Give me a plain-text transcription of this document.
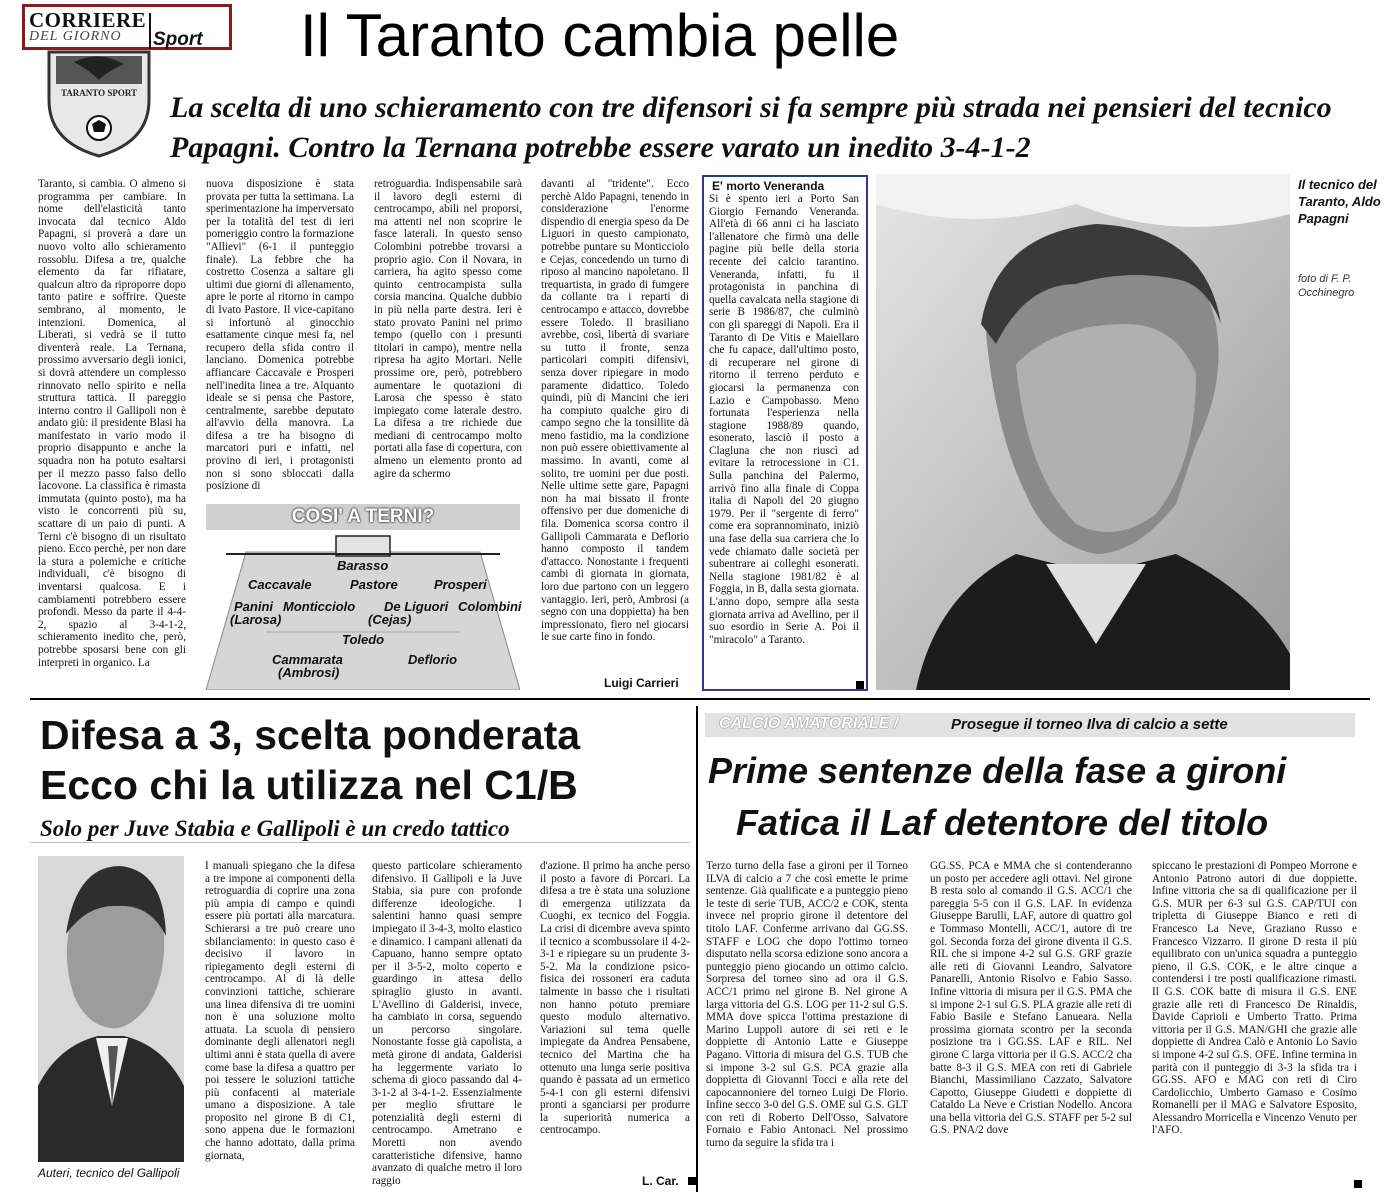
CORRIERE
DEL GIORNO Sport
TARANTO SPORT
Il Taranto cambia pelle
La scelta di uno schieramento con tre difensori si fa sempre più strada nei pensieri del tecnico Papagni. Contro la Ternana potrebbe essere varato un inedito 3-4-1-2
Taranto, si cambia. O almeno si programma per cambiare. In nome dell'elasticità tanto invocata dal tecnico Aldo Papagni, si proverà a dare un nuovo volto allo schieramento rossoblu. Difesa a tre, qualche elemento da far rifiatare, qualcun altro da riproporre dopo tanto patire e soffrire. Queste sembrano, al momento, le intenzioni. Domenica, al Liberati, si vedrà se il tutto diventerà reale. La Ternana, prossimo avversario degli ionici, si dovrà attendere un complesso rinnovato nello spirito e nella struttura tattica. Il pareggio interno contro il Gallipoli non è andato giù: il presidente Blasi ha manifestato in vario modo il proprio disappunto e anche la squadra non ha potuto esaltarsi per il mezzo passo falso dello Iacovone. La classifica è rimasta immutata (quinto posto), ma ha visto le concorrenti più su, scattare di un paio di punti. A Terni c'è bisogno di un risultato pieno. Ecco perchè, per non dare la stura a polemiche e critiche individuali, c'è bisogno di inventarsi qualcosa. E i cambiamenti potrebbero essere profondi. Messo da parte il 4-4-2, spazio al 3-4-1-2, schieramento inedito che, però, potrebbe sposarsi bene con gli interpreti in organico. La
nuova disposizione è stata provata per tutta la settimana. La sperimentazione ha imperversato per la totalità del test di ieri pomeriggio contro la formazione "Allievi" (6-1 il punteggio finale). La febbre che ha costretto Cosenza a saltare gli ultimi due giorni di allenamento, apre le porte al ritorno in campo di Ivato Pastore. Il vice-capitano si infortunò al ginocchio esattamente cinque mesi fa, nel recupero della sfida contro il lanciano. Domenica potrebbe affiancare Caccavale e Prosperi nell'inedita linea a tre. Alquanto ideale se si pensa che Pastore, centralmente, sarebbe deputato all'avvio della manovra. La difesa a tre ha bisogno di marcatori puri e infatti, nel provino di ieri, i protagonisti non si sono sbloccati dalla posizione di
retroguardia. Indispensabile sarà il lavoro degli esterni di centrocampo, abili nel proporsi, ma attenti nel non scoprire le fasce laterali. In questo senso Colombini potrebbe trovarsi a proprio agio. Con il Novara, in carriera, ha agito spesso come quinto centrocampista sulla corsia mancina. Qualche dubbio in più nella parte destra. Ieri è stato provato Panini nel primo tempo (quello con i presunti titolari in campo), mentre nella ripresa ha agito Mortari. Nelle prossime ore, però, potrebbero aumentare le quotazioni di Larosa che spesso è stato impiegato come laterale destro. La difesa a tre richiede due mediani di centrocampo molto portati alla fase di copertura, con almeno un elemento pronto ad agire da schermo
davanti al "tridente". Ecco perchè Aldo Papagni, tenendo in considerazione l'enorme dispendio di energia speso da De Liguori in questo campionato, potrebbe puntare su Monticciolo e Cejas, concedendo un turno di riposo al mancino napoletano. Il trequartista, in grado di fumgere da collante tra i reparti di centrocampo e attacco, dovrebbe essere Toledo. Il brasiliano avrebbe, così, libertà di svariare su tutto il fronte, senza particolari compiti difensivi, senza dover ripiegare in modo paramente didattico. Toledo quindi, più di Mancini che ieri ha compiuto qualche giro di campo segno che la tonsillite dà meno fastidio, ma la condizione non può essere obiettivamente al massimo. In avanti, come al solito, tre uomini per due posti. Nelle ultime sette gare, Papagni non ha mai bissato il fronte offensivo per due domeniche di fila. Domenica scorsa contro il Gallipoli Cammarata e Deflorio hanno composto il tandem d'attacco. Nonostante i frequenti cambi di giornata in giornata, loro due partono con un leggero vantaggio. Ieri, però, Ambrosi (a segno con una doppietta) ha ben impressionato, fiero nel giocarsi le sue carte fino in fondo.
Luigi Carrieri
COSI' A TERNI?
Barasso
Caccavale	Pastore	Prosperi
Panini
(Larosa)
Monticciolo De Liguori
(Cejas)
Colombini
Toledo
Cammarata
(Ambrosi)
Deflorio
E' morto Veneranda
Si è spento ieri a Porto San Giorgio Fernando Veneranda. All'età di 66 anni ci ha lasciato l'allenatore che firmò una delle pagine più belle della storia recente del calcio tarantino. Veneranda, infatti, fu il protagonista in panchina di quella cavalcata nella stagione di serie B 1986/87, che culminò con gli spareggi di Napoli. Era il Taranto di De Vitis e Maiellaro che fu capace, dall'ultimo posto, di recuperare nel girone di ritorno il terreno perduto e giocarsi la permanenza con Lazio e Campobasso. Meno fortunata l'esperienza nella stagione 1988/89 quando, esonerato, lasciò il posto a Clagluna che non riuscì ad evitare la retrocessione in C1. Sulla panchina del Palermo, arrivò fino alla finale di Coppa italia di Napoli del 20 giugno 1979. Per il "sergente di ferro" come era soprannominato, iniziò una fase della sua carriera che lo vede chiamato dalle società per subentrare ai colleghi esonerati. Nella stagione 1981/82 è al Foggia, in B, dalla sesta giornata. L'anno dopo, sempre alla sesta giornata arriva ad Avellino, per il suo esordio in Serie A. Poi il "miracolo" a Taranto.
Il tecnico del Taranto, Aldo Papagni
foto di F. P. Occhinegro
Difesa a 3, scelta ponderata
Ecco chi la utilizza nel C1/B
Solo per Juve Stabia e Gallipoli è un credo tattico
Auteri, tecnico del Gallipoli
I manuali spiegano che la difesa a tre impone ai componenti della retroguardia di coprire una zona più ampia di campo e quindi essere più portati alla marcatura. Schierarsi a tre può creare uno sbilanciamento: in questo caso è decisivo il lavoro in ripiegamento degli esterni di centrocampo. Al di là delle convinzioni tattiche, schierare una linea difensiva di tre uomini non è una soluzione molto attuata. La scuola di pensiero dominante degli allenatori negli ultimi anni è stata quella di avere come base la difesa a quattro per poi tessere le soluzioni tattiche più confacenti al materiale umano a disposizione. A tale proposito nel girone B di C1, sono appena due le formazioni che hanno adottato, dalla prima giornata,
questo particolare schieramento difensivo. Il Gallipoli e la Juve Stabia, sia pure con profonde differenze ideologiche. I salentini hanno quasi sempre impiegato il 3-4-3, molto elastico e dinamico. I campani allenati da Capuano, hanno sempre optato per il 3-5-2, molto coperto e guardingo in attesa dello spiraglio giusto in avanti. L'Avellino di Galderisi, invece, ha cambiato in corsa, seguendo un percorso singolare. Nonostante fosse già capolista, a metà girone di andata, Galderisi ha leggermente variato lo schema di gioco passando dal 4-3-1-2 al 3-4-1-2. Essenzialmente per meglio sfruttare le potenzialità degli esterni di centrocampo. Ametrano e Moretti non avendo caratteristiche difensive, hanno avanzato di qualche metro il loro raggio
d'azione. Il primo ha anche perso il posto a favore di Porcari. La difesa a tre è stata una soluzione di emergenza utilizzata da Cuoghi, ex tecnico del Foggia. La crisi di dicembre aveva spinto il tecnico a scombussolare il 4-2-3-1 e ripiegare su un prudente 3-5-2. Ma la condizione psico-fisica dei rossoneri era caduta talmente in basso che i risultati non hanno potuto premiare questo modulo alternativo. Variazioni sul tema quelle impiegate da Andrea Pensabene, tecnico del Martina che ha ottenuto una lunga serie positiva quando è passata ad un ermetico 5-4-1 con gli esterni difensivi pronti a sganciarsi per produrre la superiorità numerica a centrocampo.
L. Car.
CALCIO AMATORIALE /	Prosegue il torneo Ilva di calcio a sette
Prime sentenze della fase a gironi
Fatica il Laf detentore del titolo
Terzo turno della fase a gironi per il Torneo ILVA di calcio a 7 che così emette le prime sentenze. Già qualificate e a punteggio pieno le teste di serie TUB, ACC/2 e COK, stenta invece nel proprio girone il detentore del titolo LAF. Conferme arrivano dai GG.SS. STAFF e LOG che dopo l'ottimo torneo disputato nella scorsa edizione sono ancora a punteggio pieno giocando un ottimo calcio. Sorpresa del torneo sino ad ora il G.S. ACC/1 primo nel girone B. Nel girone A larga vittoria del G.S. LOG per 11-2 sul G.S. MMA dove spicca l'ottima prestazione di Marino Luppoli autore di sei reti e le doppiette di Antonio Latte e Giuseppe Pagano. Vittoria di misura del G.S. TUB che si impone 3-2 sul G.S. PCA grazie alla doppietta di Giovanni Tocci e alla rete del capocannoniere del torneo Luigi De Florio. Infine secco 3-0 del G.S. OME sul G.S. GLT con reti di Roberto Dell'Osso, Salvatore Fornaio e Fabio Antonaci. Nel prossimo turno da seguire la sfida tra i
GG.SS. PCA e MMA che si contenderanno un posto per accedere agli ottavi. Nel girone B resta solo al comando il G.S. ACC/1 che pareggia 5-5 con il G.S. LAF. In evidenza Giuseppe Barulli, LAF, autore di quattro gol e Tommaso Montelli, ACC/1, autore di tre gol. Seconda forza del girone diventa il G.S. RIL che si impone 4-2 sul G.S. GRF grazie alle reti di Giovanni Leandro, Salvatore Panarelli, Antonio Risolvo e Fabio Sasso. Infine vittoria di misura per il G.S. PMA che si impone 2-1 sul G.S. PLA grazie alle reti di Fabio Basile e Stefano Lanueara. Nella prossima giornata scontro per la seconda posizione tra i GG.SS. LAF e RIL. Nel girone C larga vittoria per il G.S. ACC/2 cha batte 8-3 il G.S. MEA con reti di Gabriele Bianchi, Massimiliano Cazzato, Salvatore Capotto, Giuseppe Giudetti e doppiette di Cataldo La Neve e Cristian Nodello. Ancora una bella vittoria del G.S. STAFF per 5-2 sul G.S. PNA/2 dove
spiccano le prestazioni di Pompeo Morrone e Antonio Patrono autori di due doppiette. Infine vittoria che sa di qualificazione per il G.S. MUR per 6-3 sul G.S. CAP/TUI con tripletta di Giuseppe Bianco e reti di Francesco La Neve, Graziano Russo e Francesco Vizzarro. Il girone D resta il più equilibrato con un'unica squadra a punteggio pieno, il G.S. COK, e le altre cinque a contendersi i tre posti qualificazione rimasti. Il G.S. COK batte di misura il G.S. ENE grazie alle reti di Francesco De Rinaldis, Davide Caprioli e Umberto Tratto. Prima vittoria per il G.S. MAN/GHI che grazie alle doppiette di Andrea Calò e Antonio Lo Savio si impone 4-2 sul G.S. OFE. Infine termina in parità con il punteggio di 3-3 la sfida tra i GG.SS. AFO e MAG con reti di Ciro Cardolicchio, Umberto Gamaso e Cosimo Romanelli per il MAG e Salvatore Esposito, Alessandro Morricella e Vincenzo Venuto per l'AFO.
